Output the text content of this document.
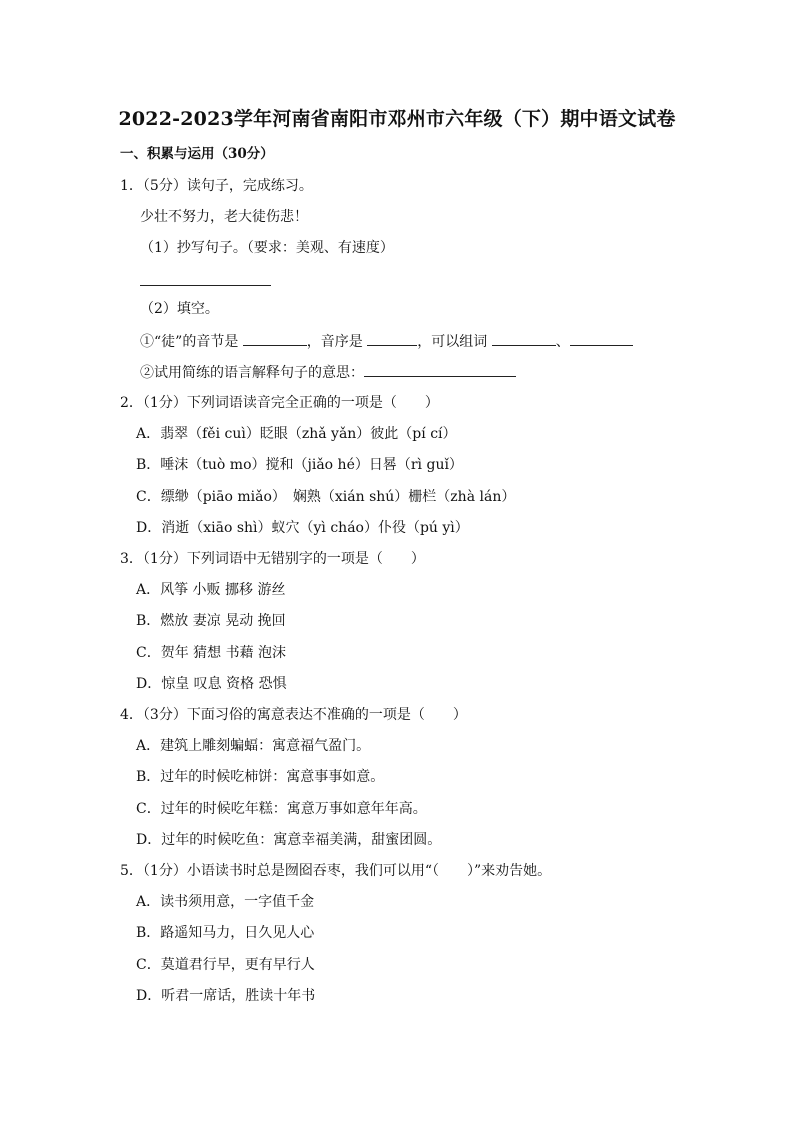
2022-2023学年河南省南阳市邓州市六年级（下）期中语文试卷
一、积累与运用（30分）
1．（5分）读句子，完成练习。
少壮不努力，老大徒伤悲！
（1）抄写句子。（要求：美观、有速度）
（2）填空。
①“徒”的音节是	，音序是	，可以组词	、
②试用简练的语言解释句子的意思：
2．（1分）下列词语读音完全正确的一项是（　　）
A．翡翠（fěi cuì）眨眼（zhǎ yǎn）彼此（pí cí）
B．唾沫（tuò mo）搅和（jiǎo hé）日晷（rì guǐ）
C．缥缈（piāo miǎo）　娴熟（xián shú）栅栏（zhà lán）
D．消逝（xiāo shì）蚁穴（yì cháo）仆役（pú yì）
3．（1分）下列词语中无错别字的一项是（　　）
A．风筝 小贩 挪移 游丝
B．燃放 妻凉 晃动 挽回
C．贺年 猜想 书藉 泡沫
D．惊皇 叹息 资格 恐惧
4．（3分）下面习俗的寓意表达不准确的一项是（　　）
A．建筑上雕刻蝙蝠：寓意福气盈门。
B．过年的时候吃柿饼：寓意事事如意。
C．过年的时候吃年糕：寓意万事如意年年高。
D．过年的时候吃鱼：寓意幸福美满，甜蜜团圆。
5．（1分）小语读书时总是囫囵吞枣，我们可以用“（　　）”来劝告她。
A．读书须用意，一字值千金
B．路遥知马力，日久见人心
C．莫道君行早，更有早行人
D．听君一席话，胜读十年书
